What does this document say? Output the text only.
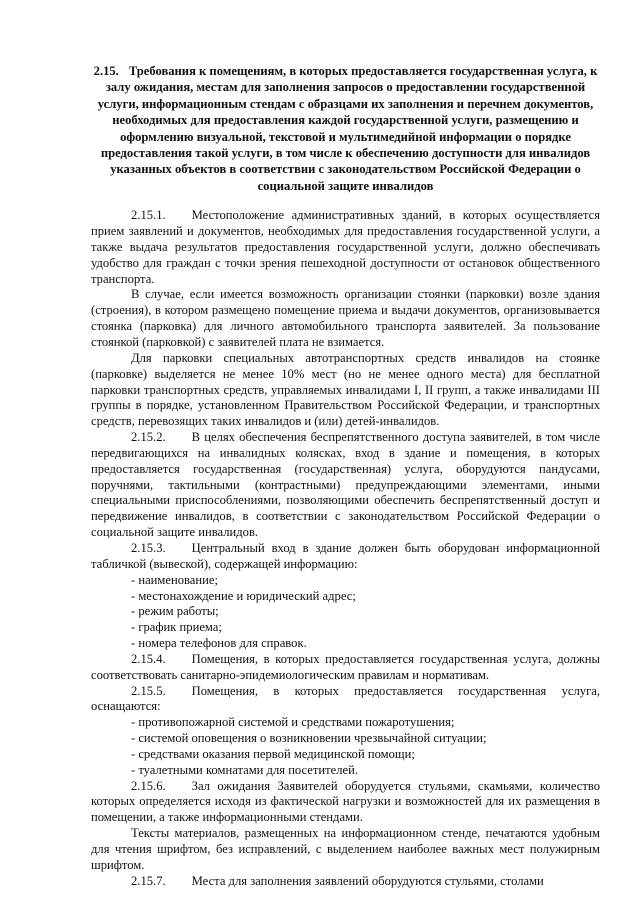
2.15. Требования к помещениям, в которых предоставляется государственная услуга, к залу ожидания, местам для заполнения запросов о предоставлении государственной услуги, информационным стендам с образцами их заполнения и перечнем документов, необходимых для предоставления каждой государственной услуги, размещению и оформлению визуальной, текстовой и мультимедийной информации о порядке предоставления такой услуги, в том числе к обеспечению доступности для инвалидов указанных объектов в соответствии с законодательством Российской Федерации о социальной защите инвалидов

2.15.1. Местоположение административных зданий, в которых осуществляется прием заявлений и документов, необходимых для предоставления государственной услуги, а также выдача результатов предоставления государственной услуги, должно обеспечивать удобство для граждан с точки зрения пешеходной доступности от остановок общественного транспорта.

В случае, если имеется возможность организации стоянки (парковки) возле здания (строения), в котором размещено помещение приема и выдачи документов, организовывается стоянка (парковка) для личного автомобильного транспорта заявителей. За пользование стоянкой (парковкой) с заявителей плата не взимается.

Для парковки специальных автотранспортных средств инвалидов на стоянке (парковке) выделяется не менее 10% мест (но не менее одного места) для бесплатной парковки транспортных средств, управляемых инвалидами I, II групп, а также инвалидами III группы в порядке, установленном Правительством Российской Федерации, и транспортных средств, перевозящих таких инвалидов и (или) детей-инвалидов.

2.15.2. В целях обеспечения беспрепятственного доступа заявителей, в том числе передвигающихся на инвалидных колясках, вход в здание и помещения, в которых предоставляется государственная (государственная) услуга, оборудуются пандусами, поручнями, тактильными (контрастными) предупреждающими элементами, иными специальными приспособлениями, позволяющими обеспечить беспрепятственный доступ и передвижение инвалидов, в соответствии с законодательством Российской Федерации о социальной защите инвалидов.

2.15.3. Центральный вход в здание должен быть оборудован информационной табличкой (вывеской), содержащей информацию:

- наименование;

- местонахождение и юридический адрес;

- режим работы;

- график приема;

- номера телефонов для справок.

2.15.4. Помещения, в которых предоставляется государственная услуга, должны соответствовать санитарно-эпидемиологическим правилам и нормативам.

2.15.5. Помещения, в которых предоставляется государственная услуга, оснащаются:

- противопожарной системой и средствами пожаротушения;

- системой оповещения о возникновении чрезвычайной ситуации;

- средствами оказания первой медицинской помощи;

- туалетными комнатами для посетителей.

2.15.6. Зал ожидания Заявителей оборудуется стульями, скамьями, количество которых определяется исходя из фактической нагрузки и возможностей для их размещения в помещении, а также информационными стендами.

Тексты материалов, размещенных на информационном стенде, печатаются удобным для чтения шрифтом, без исправлений, с выделением наиболее важных мест полужирным шрифтом.

2.15.7. Места для заполнения заявлений оборудуются стульями, столами
